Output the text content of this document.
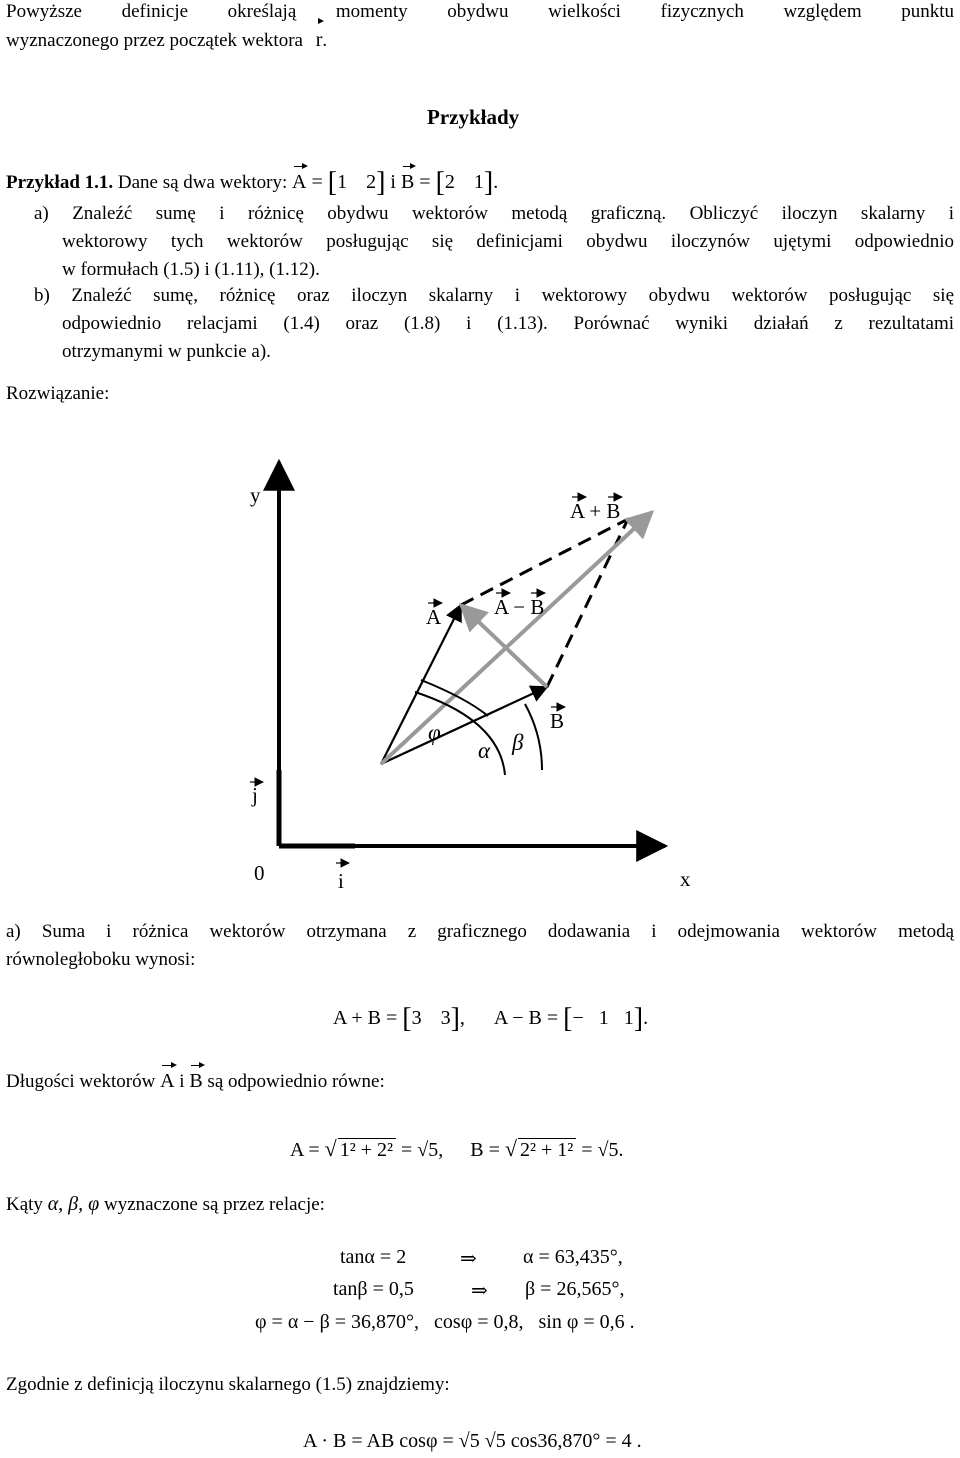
Powyższe definicje określają momenty obydwu wielkości fizycznych względem punktu
wyznaczonego przez początek wektora r.
Przykłady
Przykład 1.1. Dane są dwa wektory: A = [1 2] i B = [2 1].
a) Znaleźć sumę i różnicę obydwu wektorów metodą graficzną. Obliczyć iloczyn skalarny i
wektorowy tych wektorów posługując się definicjami obydwu iloczynów ujętymi odpowiednio
w formułach (1.5) i (1.11), (1.12).
b) Znaleźć sumę, różnicę oraz iloczyn skalarny i wektorowy obydwu wektorów posługując się
odpowiednio relacjami (1.4) oraz (1.8) i (1.13). Porównać wyniki działań z rezultatami
otrzymanymi w punkcie a).
Rozwiązanie:
y
x
0	i
j
A
B
A + B
A − B
φ
α β
a) Suma i różnica wektorów otrzymana z graficznego dodawania i odejmowania wektorów metodą
równoległoboku wynosi:
A + B = [3 3], A − B = [− 1 1].
Długości wektorów A i B są odpowiednio równe:
A = √ 1² + 2² = √5, B = √ 2² + 1² = √5.
Kąty α, β, φ wyznaczone są przez relacje:
tanα = 2	⇒ α = 63,435°,
tanβ = 0,5	⇒ β = 26,565°,
φ = α − β = 36,870°,   cosφ = 0,8,   sin φ = 0,6 .
Zgodnie z definicją iloczynu skalarnego (1.5) znajdziemy:
A · B = AB cosφ = √5 √5 cos36,870° = 4 .
